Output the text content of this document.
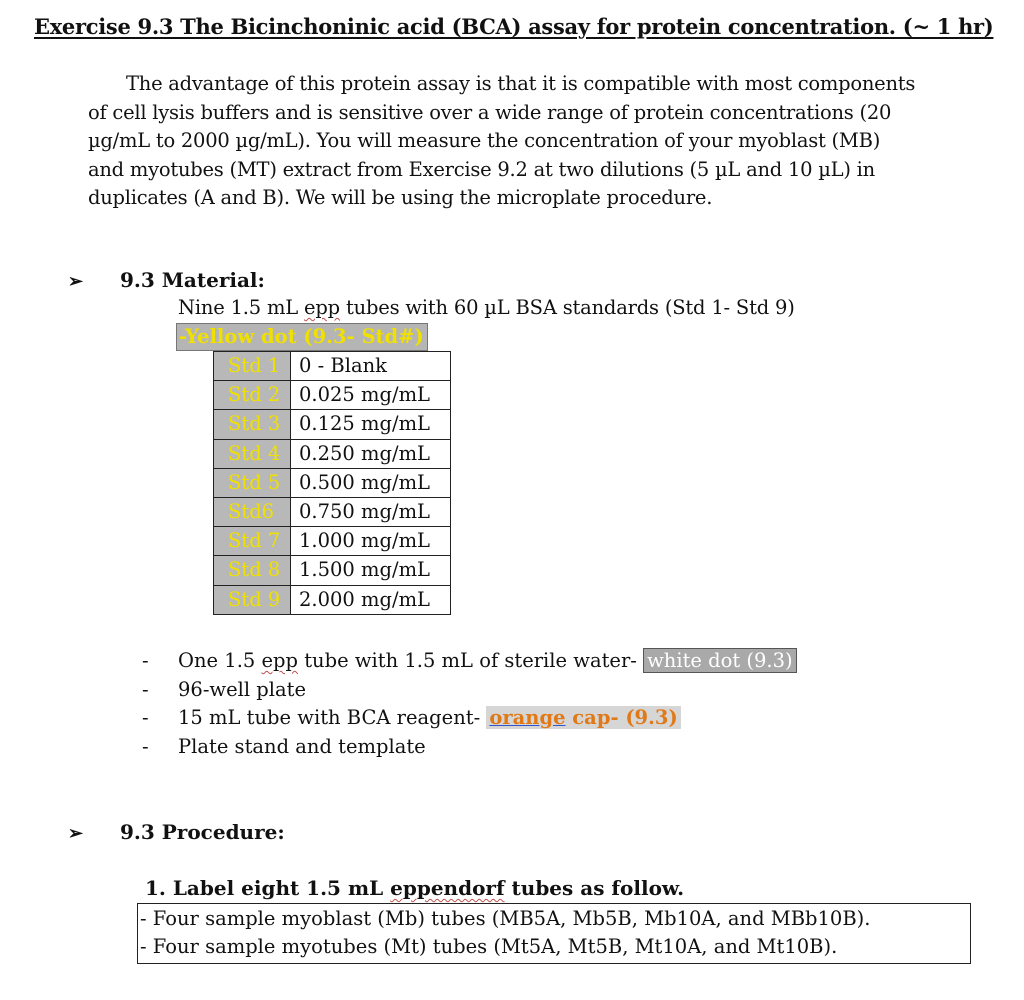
Exercise 9.3 The Bicinchoninic acid (BCA) assay for protein concentration. (~ 1 hr)
The advantage of this protein assay is that it is compatible with most components
of cell lysis buffers and is sensitive over a wide range of protein concentrations (20
µg/mL to 2000 µg/mL). You will measure the concentration of your myoblast (MB)
and myotubes (MT) extract from Exercise 9.2 at two dilutions (5 µL and 10 µL) in
duplicates (A and B). We will be using the microplate procedure.
➢ 9.3 Material:
Nine 1.5 mL epp tubes with 60 µL BSA standards (Std 1- Std 9)
-Yellow dot (9.3- Std#)
Std 1	0 - Blank
Std 2	0.025 mg/mL
Std 3	0.125 mg/mL
Std 4	0.250 mg/mL
Std 5	0.500 mg/mL
Std6	0.750 mg/mL
Std 7	1.000 mg/mL
Std 8	1.500 mg/mL
Std 9	2.000 mg/mL
- One 1.5 epp tube with 1.5 mL of sterile water- white dot (9.3)
- 96-well plate
- 15 mL tube with BCA reagent- orange cap- (9.3)
- Plate stand and template
➢ 9.3 Procedure:
1. Label eight 1.5 mL eppendorf tubes as follow.
- Four sample myoblast (Mb) tubes (MB5A, Mb5B, Mb10A, and MBb10B).
- Four sample myotubes (Mt) tubes (Mt5A, Mt5B, Mt10A, and Mt10B).
